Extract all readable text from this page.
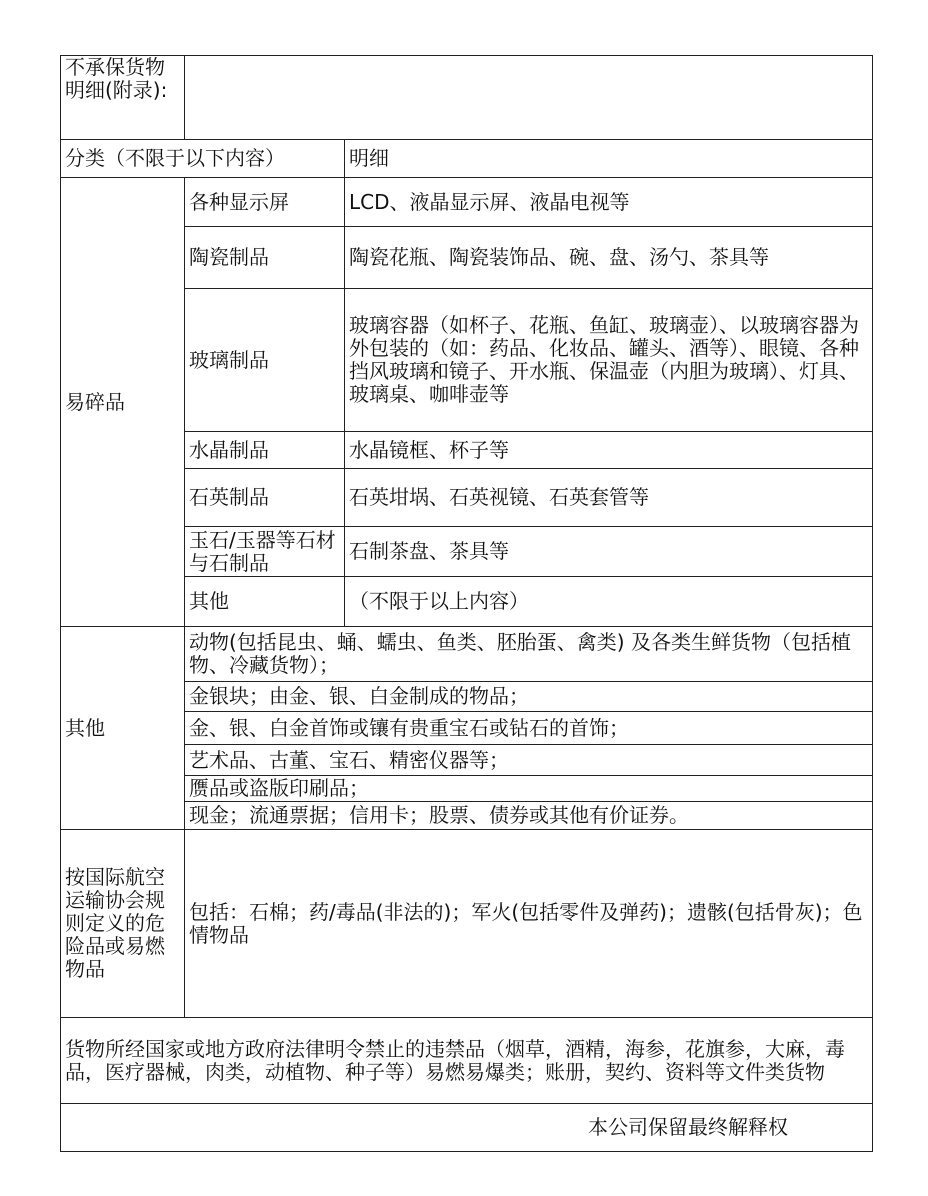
不承保货物明细(附录):		
分类（不限于以下内容）		明细
易碎品	各种显示屏	LCD、液晶显示屏、液晶电视等
	陶瓷制品	陶瓷花瓶、陶瓷装饰品、碗、盘、汤勺、茶具等
	玻璃制品	玻璃容器（如杯子、花瓶、鱼缸、玻璃壶）、以玻璃容器为外包装的（如：药品、化妆品、罐头、酒等）、眼镜、各种挡风玻璃和镜子、开水瓶、保温壶（内胆为玻璃）、灯具、玻璃桌、咖啡壶等
	水晶制品	水晶镜框、杯子等
	石英制品	石英坩埚、石英视镜、石英套管等
	玉石/玉器等石材与石制品	石制茶盘、茶具等
	其他	（不限于以上内容）
其他	动物(包括昆虫、蛹、蠕虫、鱼类、胚胎蛋、禽类) 及各类生鲜货物（包括植物、冷藏货物）；	
	金银块；由金、银、白金制成的物品；	
	金、银、白金首饰或镶有贵重宝石或钻石的首饰；	
	艺术品、古董、宝石、精密仪器等；	
	赝品或盗版印刷品；	
	现金；流通票据；信用卡；股票、债券或其他有价证券。	
按国际航空运输协会规则定义的危险品或易燃物品	包括：石棉；药/毒品(非法的)；军火(包括零件及弹药)；遗骸(包括骨灰)；色情物品	
货物所经国家或地方政府法律明令禁止的违禁品（烟草，酒精，海参，花旗参，大麻，毒品，医疗器械，肉类，动植物、种子等）易燃易爆类；账册，契约、资料等文件类货物		
本公司保留最终解释权		
